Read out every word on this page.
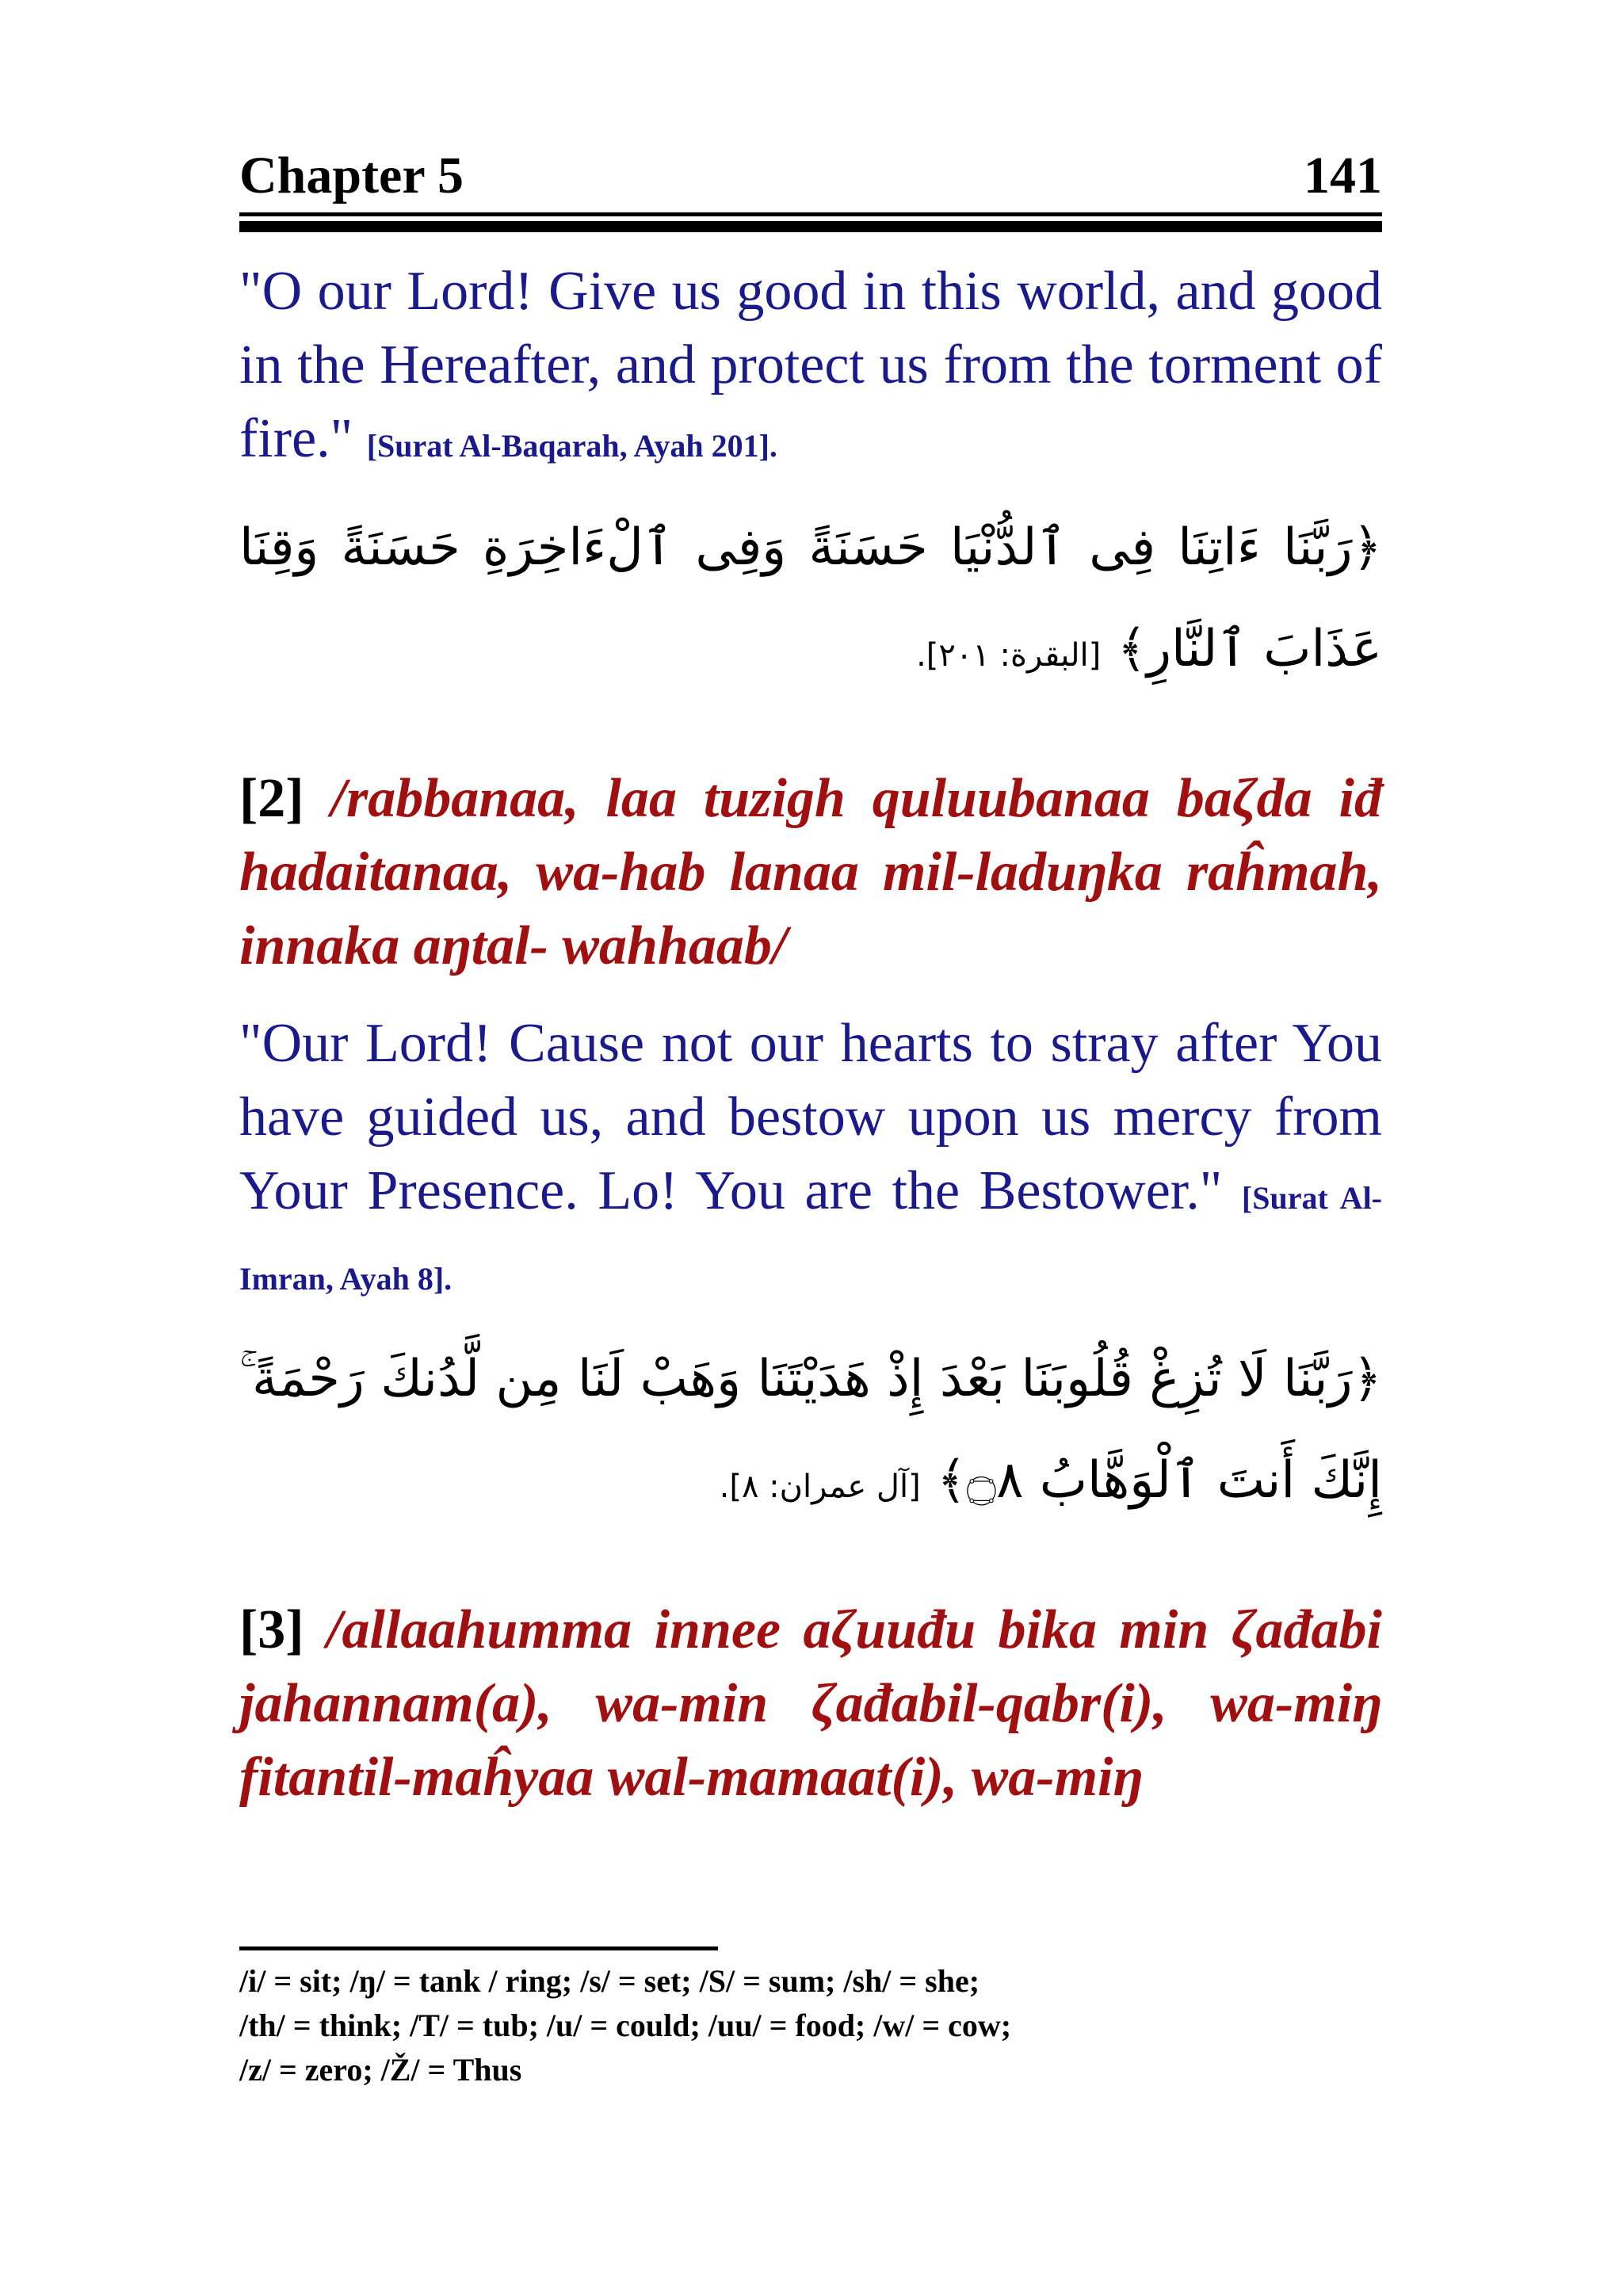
Chapter 5	141
"O our Lord! Give us good in this world, and good in the Hereafter, and protect us from the torment of fire." [Surat Al-Baqarah, Ayah 201].
﴿رَبَّنَا ءَاتِنَا فِى ٱلدُّنْيَا حَسَنَةً وَفِى ٱلْءَاخِرَةِ حَسَنَةً وَقِنَا عَذَابَ ٱلنَّارِ﴾ [البقرة: ٢٠١].
[2] /rabbanaa, laa tuzigh quluubanaa baζda iđ hadaitanaa, wa-hab lanaa mil-laduŋka raĥmah, innaka aŋtal- wahhaab/
"Our Lord! Cause not our hearts to stray after You have guided us, and bestow upon us mercy from Your Presence. Lo! You are the Bestower." [Surat Al-Imran, Ayah 8].
﴿رَبَّنَا لَا تُزِغْ قُلُوبَنَا بَعْدَ إِذْ هَدَيْتَنَا وَهَبْ لَنَا مِن لَّدُنكَ رَحْمَةً ۚ إِنَّكَ أَنتَ ٱلْوَهَّابُ ۝٨﴾ [آل عمران: ٨].
[3] /allaahumma innee aζuuđu bika min ζađabi jahannam(a), wa-min ζađabil-qabr(i), wa-miŋ fitantil-maĥyaa wal-mamaat(i), wa-miŋ
/i/ = sit; /ŋ/ = tank / ring; /s/ = set; /S/ = sum; /sh/ = she;
/th/ = think; /T/ = tub; /u/ = could; /uu/ = food; /w/ = cow;
/z/ = zero; /Ž/ = Thus
